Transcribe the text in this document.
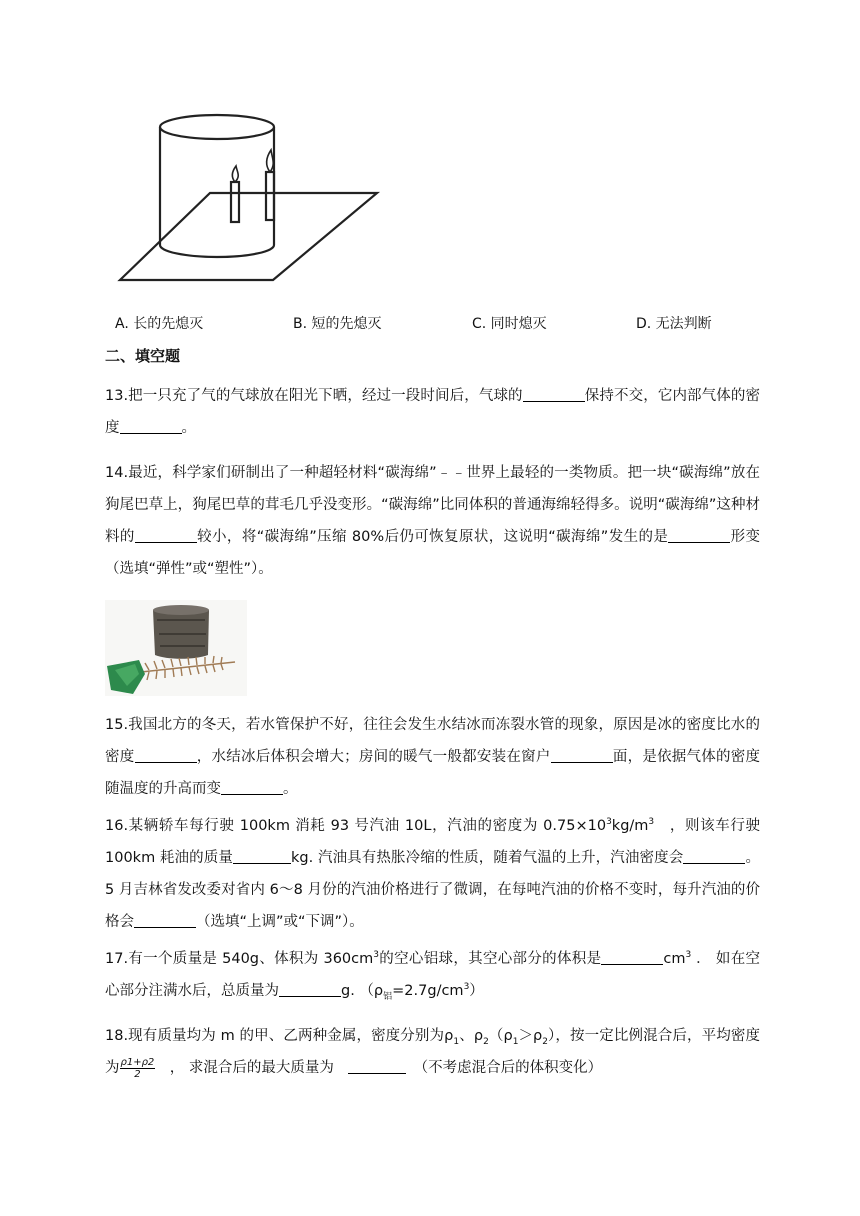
A. 长的先熄灭	B. 短的先熄灭	C. 同时熄灭	D. 无法判断
二、填空题
13.把一只充了气的气球放在阳光下晒，经过一段时间后，气球的	保持不交，它内部气体的密度	。
14.最近，科学家们研制出了一种超轻材料“碳海绵”﹣﹣世界上最轻的一类物质。把一块“碳海绵”放在狗尾巴草上，狗尾巴草的茸毛几乎没变形。“碳海绵”比同体积的普通海绵轻得多。说明“碳海绵”这种材料的	较小，将“碳海绵”压缩 80%后仍可恢复原状，这说明“碳海绵”发生的是	形变 （选填“弹性”或“塑性”）。
15.我国北方的冬天，若水管保护不好，往往会发生水结冰而冻裂水管的现象，原因是冰的密度比水的密度	，水结冰后体积会增大；房间的暖气一般都安装在窗户	面，是依据气体的密度随温度的升高而变	。
16.某辆轿车每行驶 100km 消耗 93 号汽油 10L，汽油的密度为 $0.75\times 10^3kg/m^3$　，则该车行驶 100km 耗油的质量	kg. 汽油具有热胀冷缩的性质，随着气温的上升，汽油密度会	。5 月吉林省发改委对省内 6～8 月份的汽油价格进行了微调，在每吨汽油的价格不变时，每升汽油的价格会	（选填“上调”或“下调”）。
17.有一个质量是 540g、体积为 $360cm^3$的空心铝球，其空心部分的体积是	$cm^3$ ． 如在空心部分注满水后，总质量为	g. $(\rho_铝=2.7g/cm^3)$
18.现有质量均为 m 的甲、乙两种金属，密度分别为$\rho_1$、$\rho_2(\rho_1>\rho_2)$，按一定比例混合后，平均密度为 $\frac{\rho 1+\rho 2}{2}$ 　， 求混合后的最大质量为　	　（不考虑混合后的体积变化）
